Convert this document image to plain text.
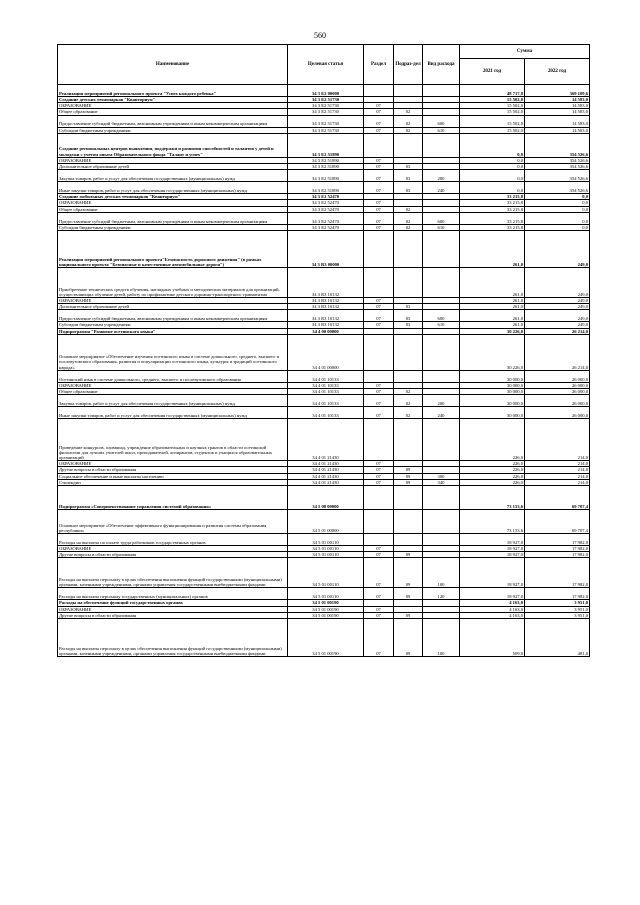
560
Наименование	Целевая статья	Раздел	Подраз-дел	Вид расхода	Сумма	
					2021 год	2022 год
Реализация мероприятий регионального проекта "Успех каждого ребенка"	34 3 E2 00000				48 717,8	369 109,6
Создание детских технопарков "Кванториум"	34 3 E2 51730				15 502,0	14 583,0
ОБРАЗОВАНИЕ	34 3 E2 51730	07			15 502,0	14 583,0
Общее образование	34 3 E2 51730	07	02		15 502,0	14 583,0
Предоставление субсидий бюджетным, автономным учреждениям и иным некоммерческим организациям	34 3 E2 51730	07	02	600	15 502,0	14 583,0
Субсидии бюджетным учреждениям	34 3 E2 51730	07	02	610	15 502,0	14 583,0
Создание региональных центров выявления, поддержки и развития способностей и талантов у детей и молодежи с учетом опыта Образовательного фонда "Талант и успех"	34 3 E2 51890				0,0	354 526,6
ОБРАЗОВАНИЕ	34 3 E2 51890	07			0,0	354 526,6
Дополнительное образование детей	34 3 E2 51890	07	03		0,0	354 526,6
Закупка товаров, работ и услуг для обеспечения государственных (муниципальных) нужд	34 3 E2 51890	07	03	200	0,0	354 526,6
Иные закупки товаров, работ и услуг для обеспечения государственных (муниципальных) нужд	34 3 E2 51890	07	03	240	0,0	354 526,6
Создание мобильных детских технопарков "Кванториум"	34 3 E2 52470				33 215,8	0,0
ОБРАЗОВАНИЕ	34 3 E2 52470	07			33 215,8	0,0
Общее образование	34 3 E2 52470	07	02		33 215,8	0,0
Предоставление субсидий бюджетным, автономным учреждениям и иным некоммерческим организациям	34 3 E2 52470	07	02	600	33 215,8	0,0
Субсидии бюджетным учреждениям	34 3 E2 52470	07	02	610	33 215,8	0,0
Реализация мероприятий регионального проекта"Безопасность дорожного движения" (в рамках национального проекта "Безопасные и качественные автомобильные дороги")	34 3 R3 00000				261,0	249,0
Приобретение технических средств обучения, наглядных учебных и методических материалов для организаций, осуществляющих обучение детей, работу по профилактике детского дорожно-транспортного травматизма	34 3 R3 10132				261,0	249,0
ОБРАЗОВАНИЕ	34 3 R3 10132	07			261,0	249,0
Дополнительное образование детей	34 3 R3 10132	07	03		261,0	249,0
Предоставление субсидий бюджетным, автономным учреждениям и иным некоммерческим организациям	34 3 R3 10132	07	03	600	261,0	249,0
Субсидии бюджетным учреждениям	34 3 R3 10132	07	03	610	261,0	249,0
Подпрограмма "Развитие осетинского языка"	34 4 00 00000				30 226,0	26 214,0
Основное мероприятие «Обеспечение изучения осетинского языка в системе дошкольного, среднего, высшего и послевузовского образования, развития и популяризации осетинского языка, культуры и традиций осетинского народа»	34 4 01 00000				30 226,0	26 214,0
Осетинский язык в системе дошкольного, среднего, высшего и послевузовского образования	34 4 01 10133				30 000,0	26 000,0
ОБРАЗОВАНИЕ	34 4 01 10133	07			30 000,0	26 000,0
Общее образование	34 4 01 10133	07	02		30 000,0	26 000,0
Закупка товаров, работ и услуг для обеспечения государственных (муниципальных) нужд	34 4 01 10133	07	02	200	30 000,0	26 000,0
Иные закупки товаров, работ и услуг для обеспечения государственных (муниципальных) нужд	34 4 01 10133	07	02	240	30 000,0	26 000,0
Проведение конкурсов, олимпиад, учреждение образовательных и научных грантов в области осетинской филологии для лучших учителей школ, преподавателей, аспирантов, студентов и учащихся образовательных организаций	34 4 01 21430				226,0	214,0
ОБРАЗОВАНИЕ	34 4 01 21430	07			226,0	214,0
Другие вопросы в области образования	34 4 01 21430	07	09		226,0	214,0
Социальное обеспечение и иные выплаты населению	34 4 01 21430	07	09	300	226,0	214,0
Стипендии	34 4 01 21430	07	09	340	226,0	214,0
Подпрограмма «Совершенствование управления системой образования»	34 5 00 00000				73 153,6	69 707,4
Основное мероприятие «Обеспечение эффективного функционирования и развития системы образования республики»	34 5 01 00000				73 153,6	69 707,4
Расходы на выплаты по оплате труда работников государственных органов	34 5 01 00110				18 927,0	17 982,0
ОБРАЗОВАНИЕ	34 5 01 00110	07			18 927,0	17 982,0
Другие вопросы в области образования	34 5 01 00110	07	09		18 927,0	17 982,0
Расходы на выплаты персоналу в целях обеспечения выполнения функций государственными (муниципальными) органами, казенными учреждениями, органами управления государственными внебюджетными фондами	34 5 01 00110	07	09	100	18 927,0	17 982,0
Расходы на выплаты персоналу государственных (муниципальных) органов	34 5 01 00110	07	09	120	18 927,0	17 982,0
Расходы на обеспечение функций государственных органов	34 5 01 00190				4 163,0	3 951,0
ОБРАЗОВАНИЕ	34 5 01 00190	07			4 163,0	3 951,0
Другие вопросы в области образования	34 5 01 00190	07	09		4 163,0	3 951,0
Расходы на выплаты персоналу в целях обеспечения выполнения функций государственными (муниципальными) органами, казенными учреждениями, органами управления государственными внебюджетными фондами	34 5 01 00190	07	09	100	509,0	481,0
